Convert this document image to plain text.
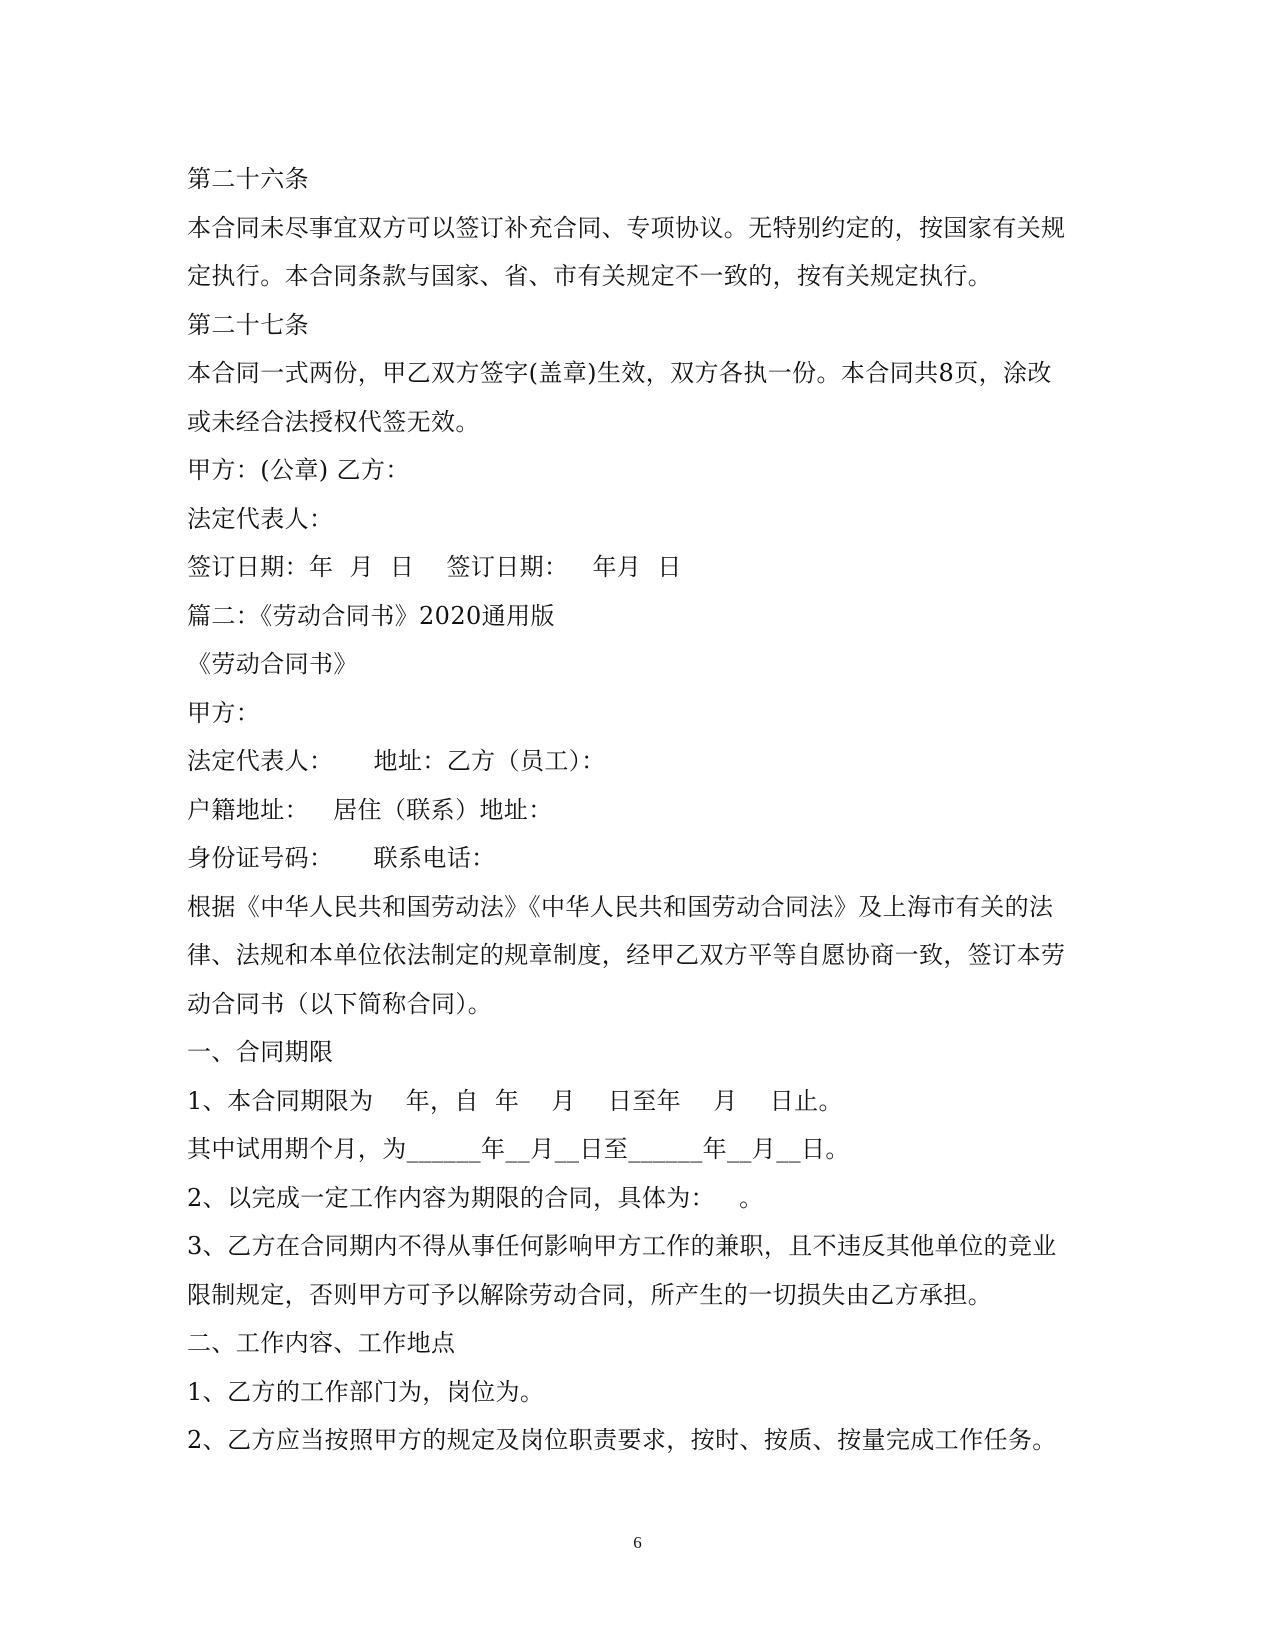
第二十六条
本合同未尽事宜双方可以签订补充合同、专项协议。无特别约定的，按国家有关规
定执行。本合同条款与国家、省、市有关规定不一致的，按有关规定执行。
第二十七条
本合同一式两份，甲乙双方签字(盖章)生效，双方各执一份。本合同共8页，涂改
或未经合法授权代签无效。
甲方：(公章) 乙方：
法定代表人：
签订日期：年  月  日    签订日期：   年月  日
篇二：《劳动合同书》2020通用版
《劳动合同书》
甲方：
法定代表人：     地址：乙方（员工）：
户籍地址：   居住（联系）地址：
身份证号码：     联系电话：
根据《中华人民共和国劳动法》《中华人民共和国劳动合同法》及上海市有关的法
律、法规和本单位依法制定的规章制度，经甲乙双方平等自愿协商一致，签订本劳
动合同书（以下简称合同）。
一、合同期限
1、本合同期限为    年，自  年    月    日至年    月    日止。
其中试用期个月，为______年__月__日至______年__月__日。
2、以完成一定工作内容为期限的合同，具体为：   。
3、乙方在合同期内不得从事任何影响甲方工作的兼职，且不违反其他单位的竞业
限制规定，否则甲方可予以解除劳动合同，所产生的一切损失由乙方承担。
二、工作内容、工作地点
1、乙方的工作部门为，岗位为。
2、乙方应当按照甲方的规定及岗位职责要求，按时、按质、按量完成工作任务。
6
